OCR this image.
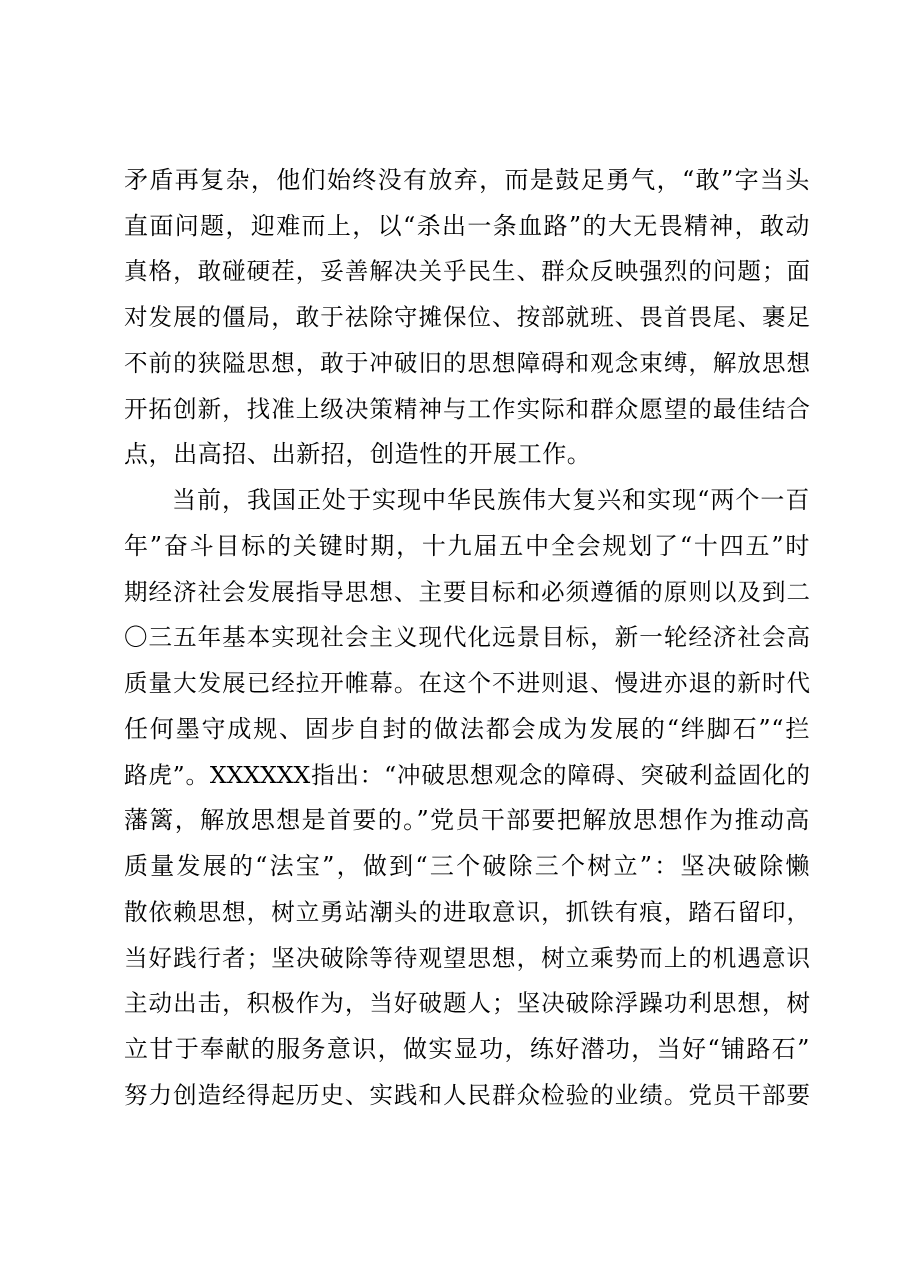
矛盾再复杂，他们始终没有放弃，而是鼓足勇气，“敢”字当头
直面问题，迎难而上，以“杀出一条血路”的大无畏精神，敢动
真格，敢碰硬茬，妥善解决关乎民生、群众反映强烈的问题；面
对发展的僵局，敢于祛除守摊保位、按部就班、畏首畏尾、裹足
不前的狭隘思想，敢于冲破旧的思想障碍和观念束缚，解放思想
开拓创新，找准上级决策精神与工作实际和群众愿望的最佳结合
点，出高招、出新招，创造性的开展工作。
当前，我国正处于实现中华民族伟大复兴和实现“两个一百
年”奋斗目标的关键时期，十九届五中全会规划了“十四五”时
期经济社会发展指导思想、主要目标和必须遵循的原则以及到二
〇三五年基本实现社会主义现代化远景目标，新一轮经济社会高
质量大发展已经拉开帷幕。在这个不进则退、慢进亦退的新时代
任何墨守成规、固步自封的做法都会成为发展的“绊脚石”“拦
路虎”。XXXXXX指出：“冲破思想观念的障碍、突破利益固化的
藩篱，解放思想是首要的。”党员干部要把解放思想作为推动高
质量发展的“法宝”，做到“三个破除三个树立”：坚决破除懒
散依赖思想，树立勇站潮头的进取意识，抓铁有痕，踏石留印，
当好践行者；坚决破除等待观望思想，树立乘势而上的机遇意识
主动出击，积极作为，当好破题人；坚决破除浮躁功利思想，树
立甘于奉献的服务意识，做实显功，练好潜功，当好“铺路石”
努力创造经得起历史、实践和人民群众检验的业绩。党员干部要
